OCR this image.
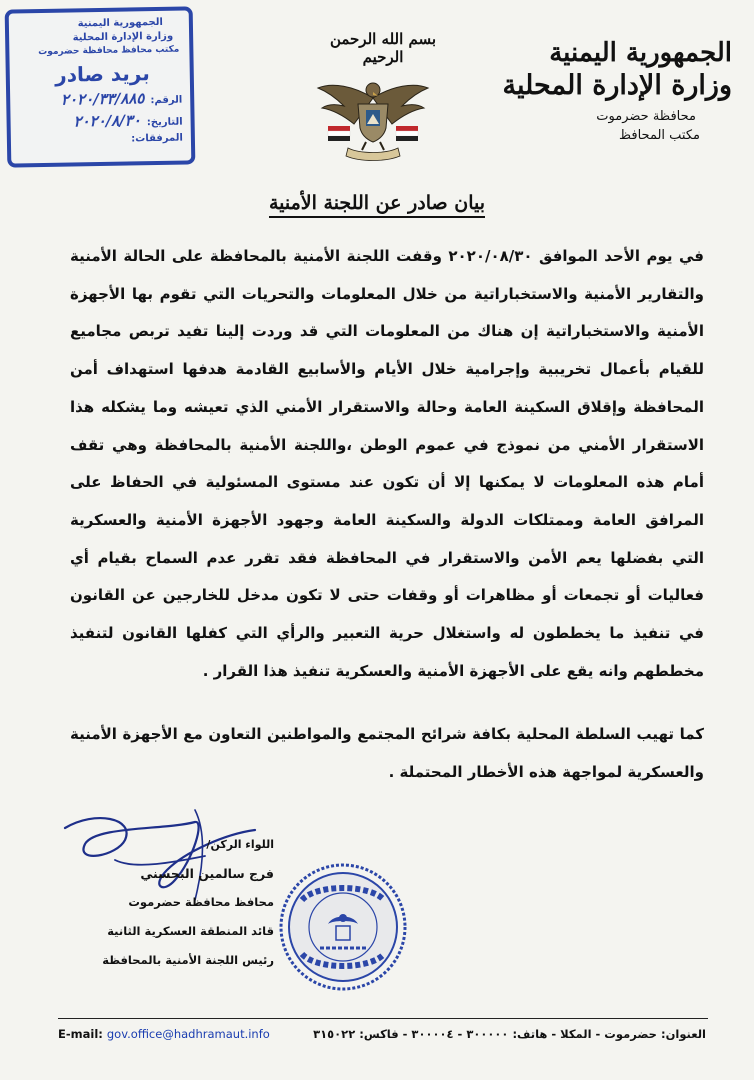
الجمهورية اليمنية
وزارة الإدارة المحلية
محافظة حضرموت
مكتب المحافظ
بسم الله الرحمن الرحيم
الجمهورية اليمنية
وزارة الإدارة المحلية
مكتب محافظ محافظة حضرموت
بريد صادر
الرقم:
٢٠٢٠/٣٣/٨٨٥
التاريخ:
٢٠٢٠/٨/٣٠
المرفقات:
بيان صادر عن اللجنة الأمنية
في يوم الأحد الموافق ٢٠٢٠/٠٨/٣٠ وقفت اللجنة الأمنية بالمحافظة على الحالة الأمنية والتقارير الأمنية والاستخباراتية من خلال المعلومات والتحريات التي تقوم بها الأجهزة الأمنية والاستخباراتية إن هناك من المعلومات التي قد وردت إلينا تفيد تربص مجاميع للقيام بأعمال تخريبية وإجرامية خلال الأيام والأسابيع القادمة هدفها استهداف أمن المحافظة وإقلاق السكينة العامة وحالة والاستقرار الأمني الذي تعيشه وما يشكله هذا الاستقرار الأمني من نموذج في عموم الوطن ،واللجنة الأمنية بالمحافظة وهي تقف أمام هذه المعلومات لا يمكنها إلا أن تكون عند مستوى المسئولية في الحفاظ على المرافق العامة وممتلكات الدولة والسكينة العامة وجهود الأجهزة الأمنية والعسكرية التي بفضلها يعم الأمن والاستقرار في المحافظة فقد تقرر عدم السماح بقيام أي فعاليات أو تجمعات أو مظاهرات أو وقفات حتى لا تكون مدخل للخارجين عن القانون في تنفيذ ما يخططون له واستغلال حرية التعبير والرأي التي كفلها القانون لتنفيذ مخططهم وانه يقع على الأجهزة الأمنية والعسكرية تنفيذ هذا القرار .
كما تهيب السلطة المحلية بكافة شرائح المجتمع والمواطنين التعاون مع الأجهزة الأمنية والعسكرية لمواجهة هذه الأخطار المحتملة .
اللواء الركن/
فرج سالمين البحسني
محافظ محافظة حضرموت
قائد المنطقة العسكرية الثانية
رئيس اللجنة الأمنية بالمحافظة
E-mail: gov.office@hadhramaut.info	العنوان: حضرموت - المكلا - هاتف: ٣٠٠٠٠٠ - ٣٠٠٠٠٤ - فاكس: ٣١٥٠٢٢
